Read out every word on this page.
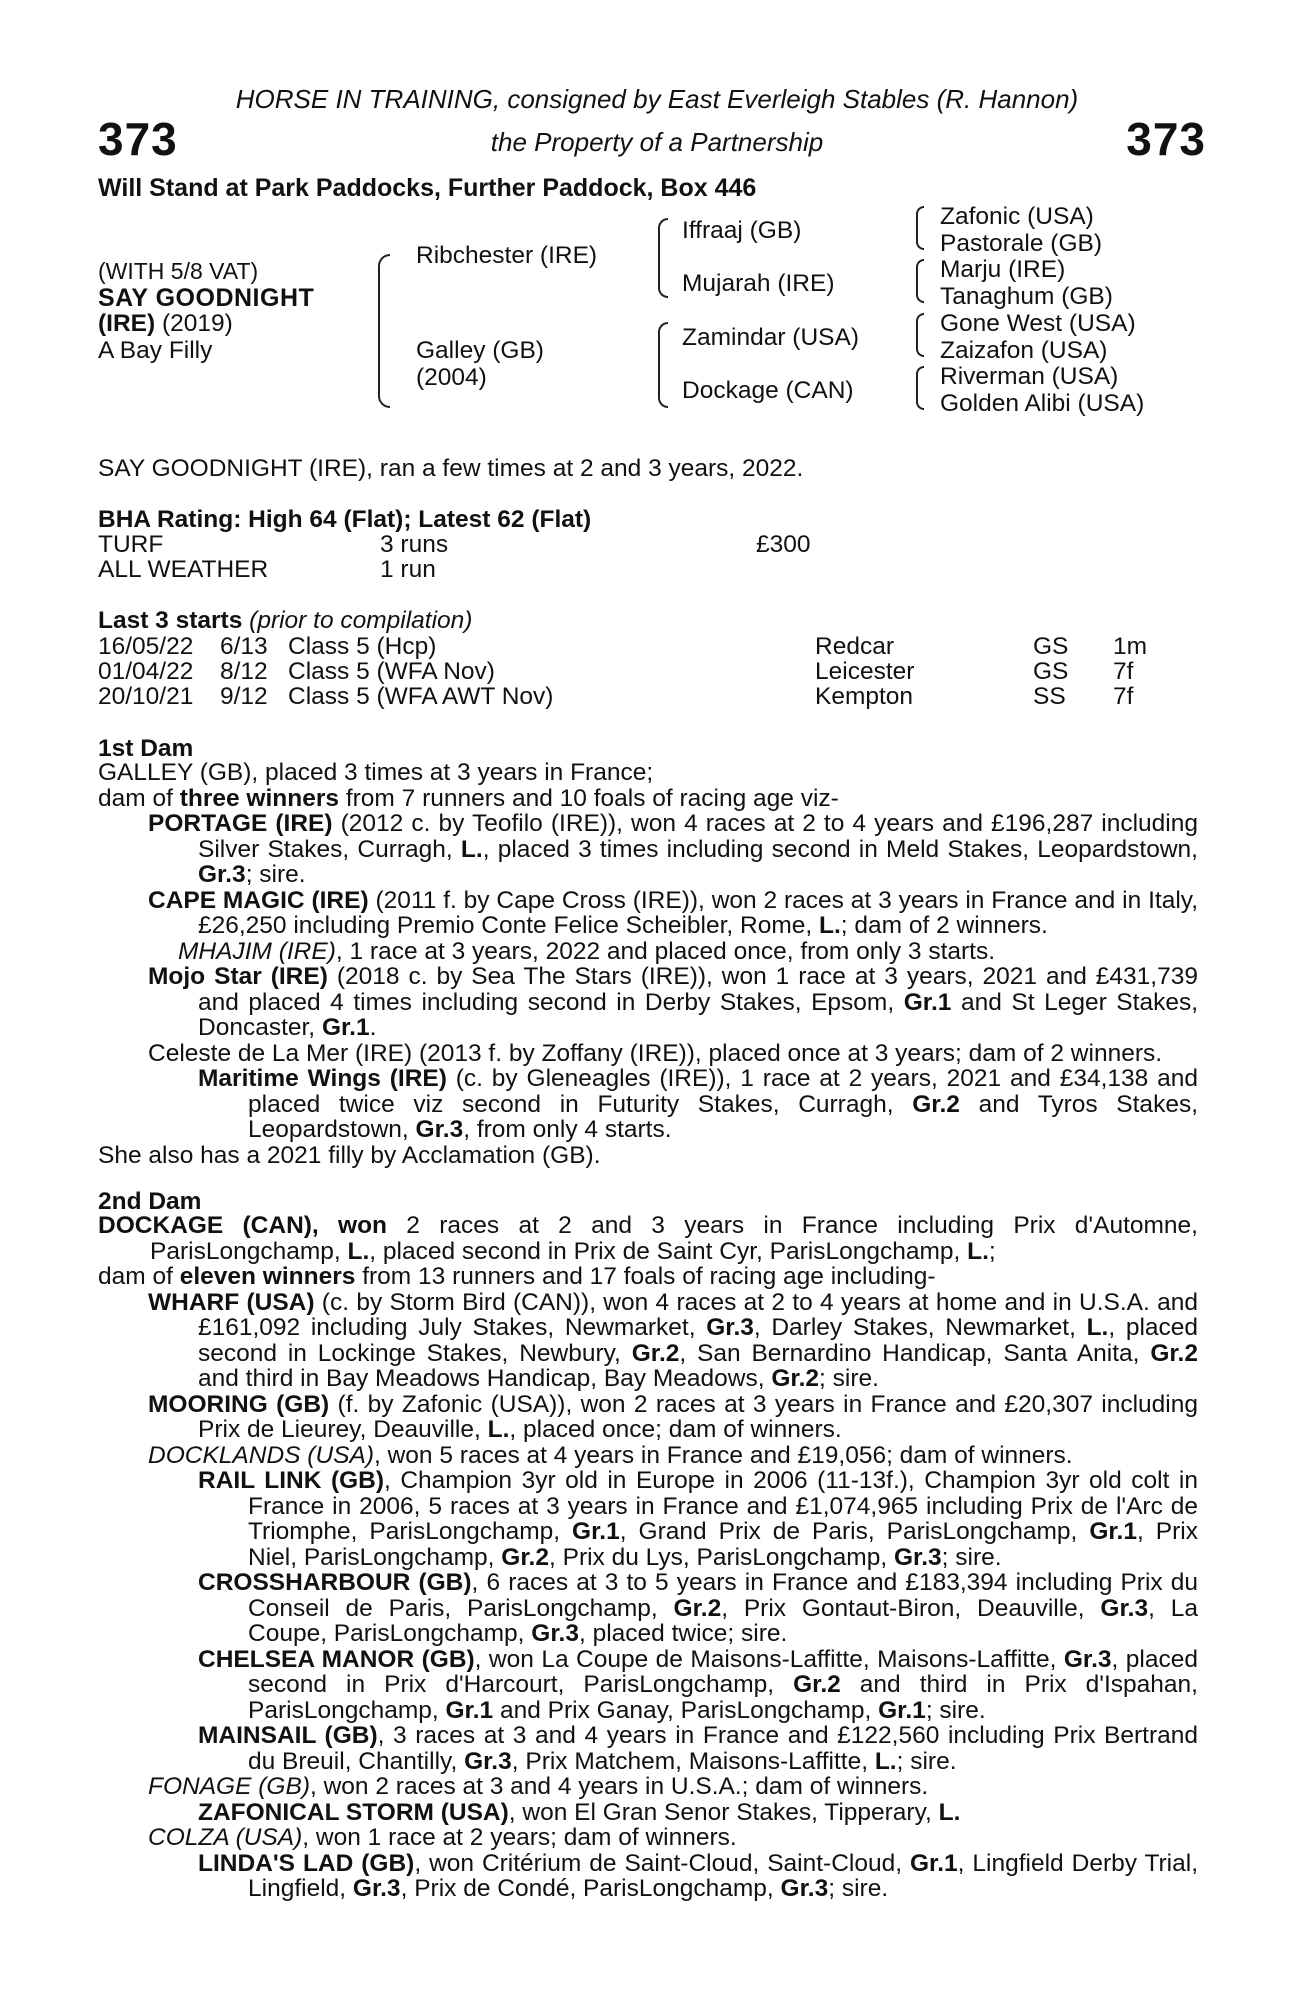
373	373
HORSE IN TRAINING, consigned by East Everleigh Stables (R. Hannon)
the Property of a Partnership
Will Stand at Park Paddocks, Further Paddock, Box 446
(WITH 5/8 VAT)
SAY GOODNIGHT
(IRE) (2019)
A Bay Filly
Ribchester (IRE)
Galley (GB)
(2004)
Iffraaj (GB)
Mujarah (IRE)
Zamindar (USA)
Dockage (CAN)
Zafonic (USA)
Pastorale (GB)
Marju (IRE)
Tanaghum (GB)
Gone West (USA)
Zaizafon (USA)
Riverman (USA)
Golden Alibi (USA)
SAY GOODNIGHT (IRE), ran a few times at 2 and 3 years, 2022.
BHA Rating: High 64 (Flat); Latest 62 (Flat)
TURF	3 runs	£300
ALL WEATHER	1 run
Last 3 starts (prior to compilation)
16/05/22 6/13 Class 5 (Hcp)	Redcar	GS 1m
01/04/22 8/12 Class 5 (WFA Nov)	Leicester	GS 7f
20/10/21 9/12 Class 5 (WFA AWT Nov)	Kempton	SS 7f
1st Dam
GALLEY (GB), placed 3 times at 3 years in France;
dam of three winners from 7 runners and 10 foals of racing age viz-
PORTAGE (IRE) (2012 c. by Teofilo (IRE)), won 4 races at 2 to 4 years and £196,287 including Silver Stakes, Curragh, L., placed 3 times including second in Meld Stakes, Leopardstown, Gr.3; sire.
CAPE MAGIC (IRE) (2011 f. by Cape Cross (IRE)), won 2 races at 3 years in France and in Italy, £26,250 including Premio Conte Felice Scheibler, Rome, L.; dam of 2 winners.
MHAJIM (IRE), 1 race at 3 years, 2022 and placed once, from only 3 starts.
Mojo Star (IRE) (2018 c. by Sea The Stars (IRE)), won 1 race at 3 years, 2021 and £431,739 and placed 4 times including second in Derby Stakes, Epsom, Gr.1 and St Leger Stakes, Doncaster, Gr.1.
Celeste de La Mer (IRE) (2013 f. by Zoffany (IRE)), placed once at 3 years; dam of 2 winners.
Maritime Wings (IRE) (c. by Gleneagles (IRE)), 1 race at 2 years, 2021 and £34,138 and placed twice viz second in Futurity Stakes, Curragh, Gr.2 and Tyros Stakes, Leopardstown, Gr.3, from only 4 starts.
She also has a 2021 filly by Acclamation (GB).
2nd Dam
DOCKAGE (CAN), won 2 races at 2 and 3 years in France including Prix d'Automne, ParisLongchamp, L., placed second in Prix de Saint Cyr, ParisLongchamp, L.;
dam of eleven winners from 13 runners and 17 foals of racing age including-
WHARF (USA) (c. by Storm Bird (CAN)), won 4 races at 2 to 4 years at home and in U.S.A. and £161,092 including July Stakes, Newmarket, Gr.3, Darley Stakes, Newmarket, L., placed second in Lockinge Stakes, Newbury, Gr.2, San Bernardino Handicap, Santa Anita, Gr.2 and third in Bay Meadows Handicap, Bay Meadows, Gr.2; sire.
MOORING (GB) (f. by Zafonic (USA)), won 2 races at 3 years in France and £20,307 including Prix de Lieurey, Deauville, L., placed once; dam of winners.
DOCKLANDS (USA), won 5 races at 4 years in France and £19,056; dam of winners.
RAIL LINK (GB), Champion 3yr old in Europe in 2006 (11-13f.), Champion 3yr old colt in France in 2006, 5 races at 3 years in France and £1,074,965 including Prix de l'Arc de Triomphe, ParisLongchamp, Gr.1, Grand Prix de Paris, ParisLongchamp, Gr.1, Prix Niel, ParisLongchamp, Gr.2, Prix du Lys, ParisLongchamp, Gr.3; sire.
CROSSHARBOUR (GB), 6 races at 3 to 5 years in France and £183,394 including Prix du Conseil de Paris, ParisLongchamp, Gr.2, Prix Gontaut-Biron, Deauville, Gr.3, La Coupe, ParisLongchamp, Gr.3, placed twice; sire.
CHELSEA MANOR (GB), won La Coupe de Maisons-Laffitte, Maisons-Laffitte, Gr.3, placed second in Prix d'Harcourt, ParisLongchamp, Gr.2 and third in Prix d'Ispahan, ParisLongchamp, Gr.1 and Prix Ganay, ParisLongchamp, Gr.1; sire.
MAINSAIL (GB), 3 races at 3 and 4 years in France and £122,560 including Prix Bertrand du Breuil, Chantilly, Gr.3, Prix Matchem, Maisons-Laffitte, L.; sire.
FONAGE (GB), won 2 races at 3 and 4 years in U.S.A.; dam of winners.
ZAFONICAL STORM (USA), won El Gran Senor Stakes, Tipperary, L.
COLZA (USA), won 1 race at 2 years; dam of winners.
LINDA'S LAD (GB), won Critérium de Saint-Cloud, Saint-Cloud, Gr.1, Lingfield Derby Trial, Lingfield, Gr.3, Prix de Condé, ParisLongchamp, Gr.3; sire.
